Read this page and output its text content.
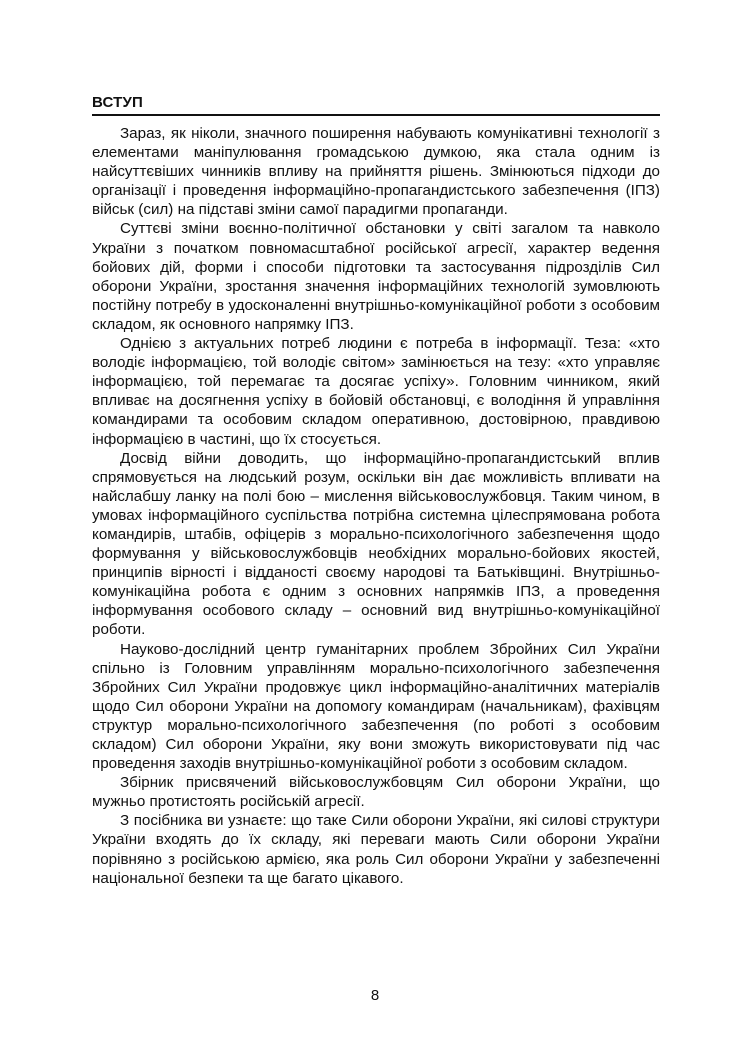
ВСТУП

Зараз, як ніколи, значного поширення набувають комунікативні технології з елементами маніпулювання громадською думкою, яка стала одним із найсуттєвіших чинників впливу на прийняття рішень. Змінюються підходи до організації і проведення інформаційно-пропагандистського забезпечення (ІПЗ) військ (сил) на підставі зміни самої парадигми пропаганди.

Суттєві зміни воєнно-політичної обстановки у світі загалом та навколо України з початком повномасштабної російської агресії, характер ведення бойових дій, форми і способи підготовки та застосування підрозділів Сил оборони України, зростання значення інформаційних технологій зумовлюють постійну потребу в удосконаленні внутрішньо-комунікаційної роботи з особовим складом, як основного напрямку ІПЗ.

Однією з актуальних потреб людини є потреба в інформації. Теза: «хто володіє інформацією, той володіє світом» замінюється на тезу: «хто управляє інформацією, той перемагає та досягає успіху». Головним чинником, який впливає на досягнення успіху в бойовій обстановці, є володіння й управління командирами та особовим складом оперативною, достовірною, правдивою інформацією в частині, що їх стосується.

Досвід війни доводить, що інформаційно-пропагандистський вплив спрямовується на людський розум, оскільки він дає можливість впливати на найслабшу ланку на полі бою – мислення військовослужбовця. Таким чином, в умовах інформаційного суспільства потрібна системна цілеспрямована робота командирів, штабів, офіцерів з морально-психологічного забезпечення щодо формування у військовослужбовців необхідних морально-бойових якостей, принципів вірності і відданості своєму народові та Батьківщині. Внутрішньо-комунікаційна робота є одним з основних напрямків ІПЗ, а проведення інформування особового складу – основний вид внутрішньо-комунікаційної роботи.

Науково-дослідний центр гуманітарних проблем Збройних Сил України спільно із Головним управлінням морально-психологічного забезпечення Збройних Сил України продовжує цикл інформаційно-аналітичних матеріалів щодо Сил оборони України на допомогу командирам (начальникам), фахівцям структур морально-психологічного забезпечення (по роботі з особовим складом) Сил оборони України, яку вони зможуть використовувати під час проведення заходів внутрішньо-комунікаційної роботи з особовим складом.

Збірник присвячений військовослужбовцям Сил оборони України, що мужньо протистоять російській агресії.

З посібника ви узнаєте: що таке Сили оборони України, які силові структури України входять до їх складу, які переваги мають Сили оборони України порівняно з російською армією, яка роль Сил оборони України у забезпеченні національної безпеки та ще багато цікавого.

8
